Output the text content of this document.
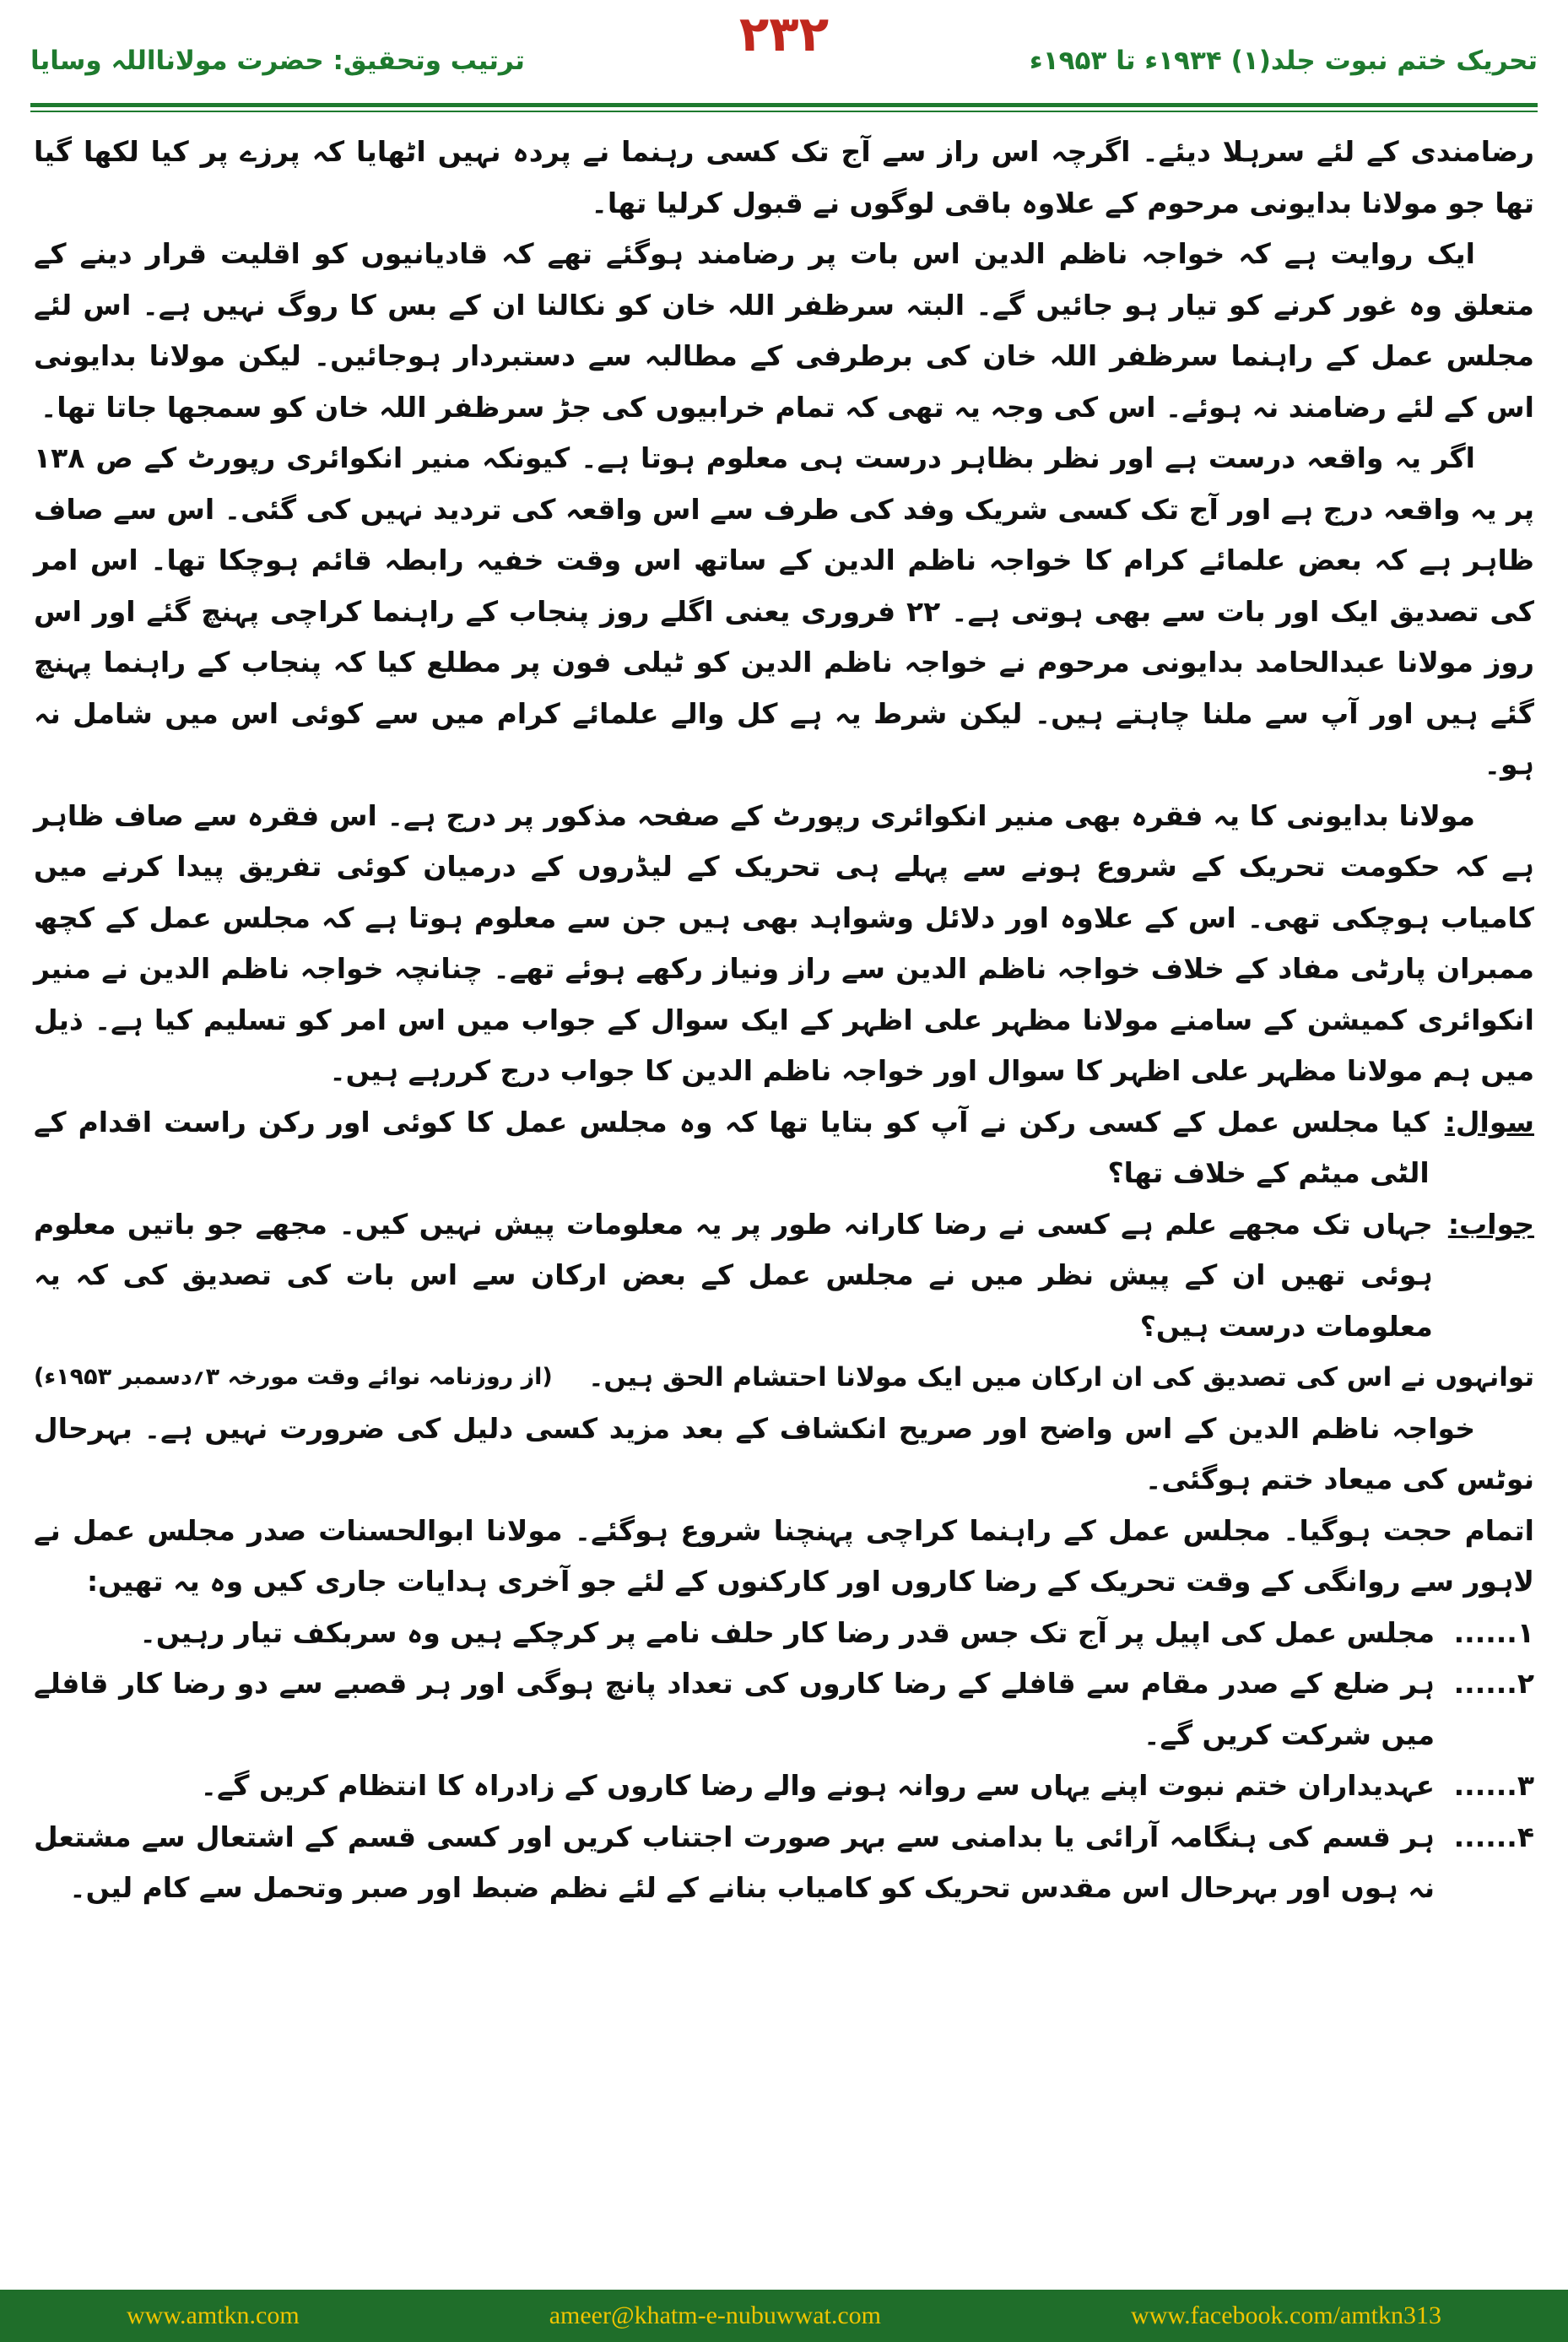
تحریک ختم نبوت جلد(۱) ۱۹۳۴ء تا ۱۹۵۳ء
ترتیب وتحقیق: حضرت مولانااللہ وسایا	۲۳۲

رضامندی کے لئے سرہلا دیئے۔ اگرچہ اس راز سے آج تک کسی رہنما نے پردہ نہیں اٹھایا کہ پرزے پر کیا لکھا گیا تھا جو مولانا بدایونی مرحوم کے علاوہ باقی لوگوں نے قبول کرلیا تھا۔

ایک روایت ہے کہ خواجہ ناظم الدین اس بات پر رضامند ہوگئے تھے کہ قادیانیوں کو اقلیت قرار دینے کے متعلق وہ غور کرنے کو تیار ہو جائیں گے۔ البتہ سرظفر اللہ خان کو نکالنا ان کے بس کا روگ نہیں ہے۔ اس لئے مجلس عمل کے راہنما سرظفر اللہ خان کی برطرفی کے مطالبہ سے دستبردار ہوجائیں۔ لیکن مولانا بدایونی اس کے لئے رضامند نہ ہوئے۔ اس کی وجہ یہ تھی کہ تمام خرابیوں کی جڑ سرظفر اللہ خان کو سمجھا جاتا تھا۔

اگر یہ واقعہ درست ہے اور نظر بظاہر درست ہی معلوم ہوتا ہے۔ کیونکہ منیر انکوائری رپورٹ کے ص ۱۳۸ پر یہ واقعہ درج ہے اور آج تک کسی شریک وفد کی طرف سے اس واقعہ کی تردید نہیں کی گئی۔ اس سے صاف ظاہر ہے کہ بعض علمائے کرام کا خواجہ ناظم الدین کے ساتھ اس وقت خفیہ رابطہ قائم ہوچکا تھا۔ اس امر کی تصدیق ایک اور بات سے بھی ہوتی ہے۔ ۲۲ فروری یعنی اگلے روز پنجاب کے راہنما کراچی پہنچ گئے اور اس روز مولانا عبدالحامد بدایونی مرحوم نے خواجہ ناظم الدین کو ٹیلی فون پر مطلع کیا کہ پنجاب کے راہنما پہنچ گئے ہیں اور آپ سے ملنا چاہتے ہیں۔ لیکن شرط یہ ہے کل والے علمائے کرام میں سے کوئی اس میں شامل نہ ہو۔

مولانا بدایونی کا یہ فقرہ بھی منیر انکوائری رپورٹ کے صفحہ مذکور پر درج ہے۔ اس فقرہ سے صاف ظاہر ہے کہ حکومت تحریک کے شروع ہونے سے پہلے ہی تحریک کے لیڈروں کے درمیان کوئی تفریق پیدا کرنے میں کامیاب ہوچکی تھی۔ اس کے علاوہ اور دلائل وشواہد بھی ہیں جن سے معلوم ہوتا ہے کہ مجلس عمل کے کچھ ممبران پارٹی مفاد کے خلاف خواجہ ناظم الدین سے راز ونیاز رکھے ہوئے تھے۔ چنانچہ خواجہ ناظم الدین نے منیر انکوائری کمیشن کے سامنے مولانا مظہر علی اظہر کے ایک سوال کے جواب میں اس امر کو تسلیم کیا ہے۔ ذیل میں ہم مولانا مظہر علی اظہر کا سوال اور خواجہ ناظم الدین کا جواب درج کررہے ہیں۔

سوال:
کیا مجلس عمل کے کسی رکن نے آپ کو بتایا تھا کہ وہ مجلس عمل کا کوئی اور رکن راست اقدام کے الٹی میٹم کے خلاف تھا؟
جواب:
جہاں تک مجھے علم ہے کسی نے رضا کارانہ طور پر یہ معلومات پیش نہیں کیں۔ مجھے جو باتیں معلوم ہوئی تھیں ان کے پیش نظر میں نے مجلس عمل کے بعض ارکان سے اس بات کی تصدیق کی کہ یہ معلومات درست ہیں؟
توانہوں نے اس کی تصدیق کی ان ارکان میں ایک مولانا احتشام الحق ہیں۔
(از روزنامہ نوائے وقت مورخہ ۳؍دسمبر ۱۹۵۳ء)

خواجہ ناظم الدین کے اس واضح اور صریح انکشاف کے بعد مزید کسی دلیل کی ضرورت نہیں ہے۔ بہرحال نوٹس کی میعاد ختم ہوگئی۔

اتمام حجت ہوگیا۔ مجلس عمل کے راہنما کراچی پہنچنا شروع ہوگئے۔ مولانا ابوالحسنات صدر مجلس عمل نے لاہور سے روانگی کے وقت تحریک کے رضا کاروں اور کارکنوں کے لئے جو آخری ہدایات جاری کیں وہ یہ تھیں:

۱......
مجلس عمل کی اپیل پر آج تک جس قدر رضا کار حلف نامے پر کرچکے ہیں وہ سربکف تیار رہیں۔
۲......
ہر ضلع کے صدر مقام سے قافلے کے رضا کاروں کی تعداد پانچ ہوگی اور ہر قصبے سے دو رضا کار قافلے میں شرکت کریں گے۔
۳......
عہدیداران ختم نبوت اپنے یہاں سے روانہ ہونے والے رضا کاروں کے زادراہ کا انتظام کریں گے۔
۴......
ہر قسم کی ہنگامہ آرائی یا بدامنی سے بہر صورت اجتناب کریں اور کسی قسم کے اشتعال سے مشتعل نہ ہوں اور بہرحال اس مقدس تحریک کو کامیاب بنانے کے لئے نظم ضبط اور صبر وتحمل سے کام لیں۔
www.amtkn.com	ameer@khatm-e-nubuwwat.com	www.facebook.com/amtkn313
